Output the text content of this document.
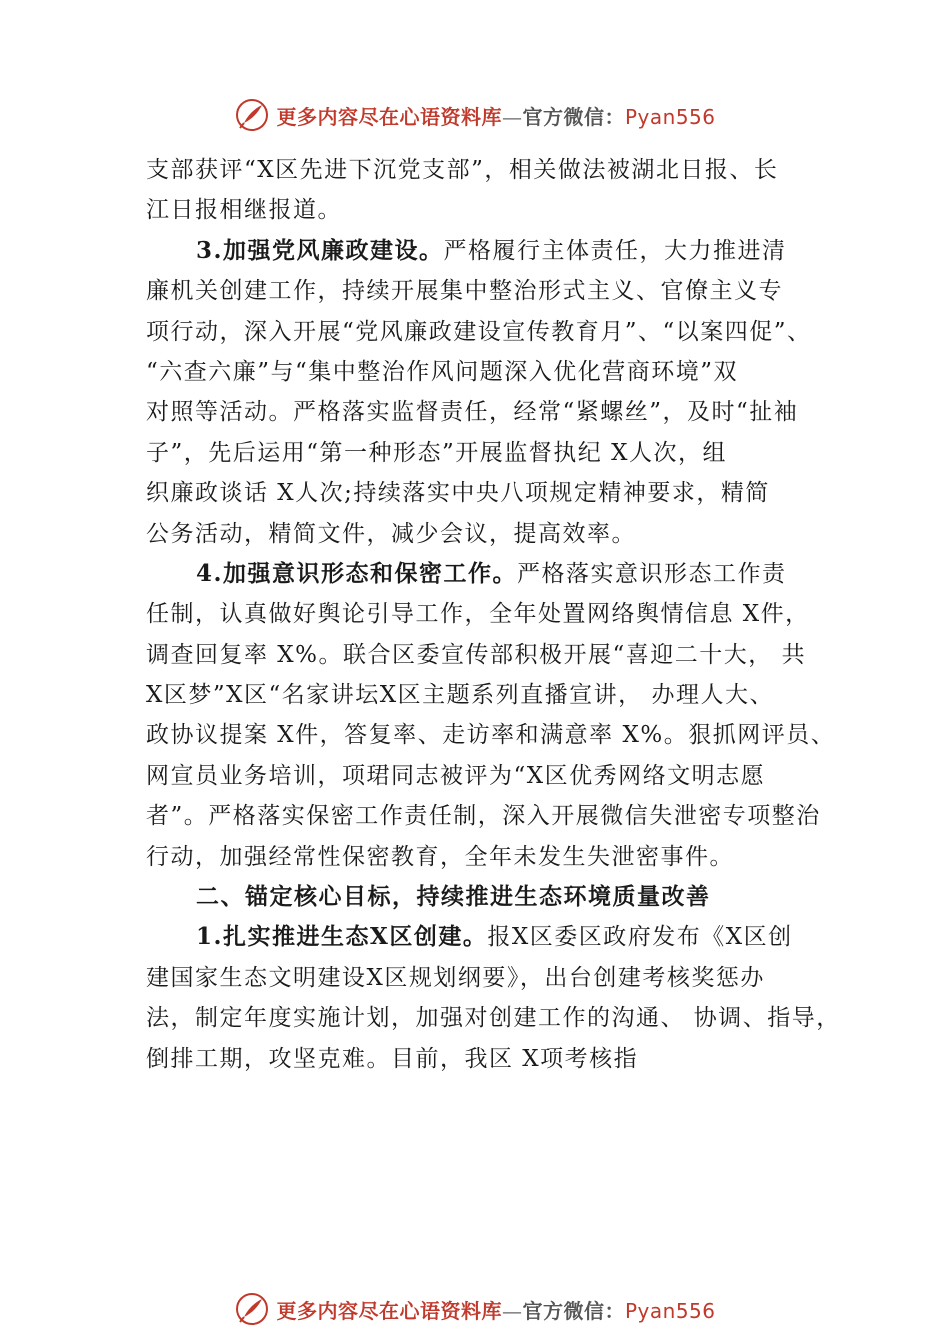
更多内容尽在心语资料库—官方微信：Pyan556
支部获评“X区先进下沉党支部”，相关做法被湖北日报、长
江日报相继报道。
3.加强党风廉政建设。严格履行主体责任，大力推进清
廉机关创建工作，持续开展集中整治形式主义、官僚主义专
项行动，深入开展“党风廉政建设宣传教育月”、“以案四促”、
“六查六廉”与“集中整治作风问题深入优化营商环境”双
对照等活动。严格落实监督责任，经常“紧螺丝”，及时“扯袖
子”，先后运用“第一种形态”开展监督执纪 X人次，组
织廉政谈话 X人次;持续落实中央八项规定精神要求，精简
公务活动，精简文件，减少会议，提高效率。
4.加强意识形态和保密工作。严格落实意识形态工作责
任制，认真做好舆论引导工作，全年处置网络舆情信息 X件，
调查回复率 X%。联合区委宣传部积极开展“喜迎二十大， 共
X区梦”X区“名家讲坛X区主题系列直播宣讲， 办理人大、
政协议提案 X件，答复率、走访率和满意率 X%。狠抓网评员、
网宣员业务培训，项珺同志被评为“X区优秀网络文明志愿
者”。严格落实保密工作责任制，深入开展微信失泄密专项整治
行动，加强经常性保密教育，全年未发生失泄密事件。
二、锚定核心目标，持续推进生态环境质量改善
1.扎实推进生态X区创建。报X区委区政府发布《X区创
建国家生态文明建设X区规划纲要》，出台创建考核奖惩办
法，制定年度实施计划，加强对创建工作的沟通、 协调、指导，
倒排工期，攻坚克难。目前，我区 X项考核指
更多内容尽在心语资料库—官方微信：Pyan556
